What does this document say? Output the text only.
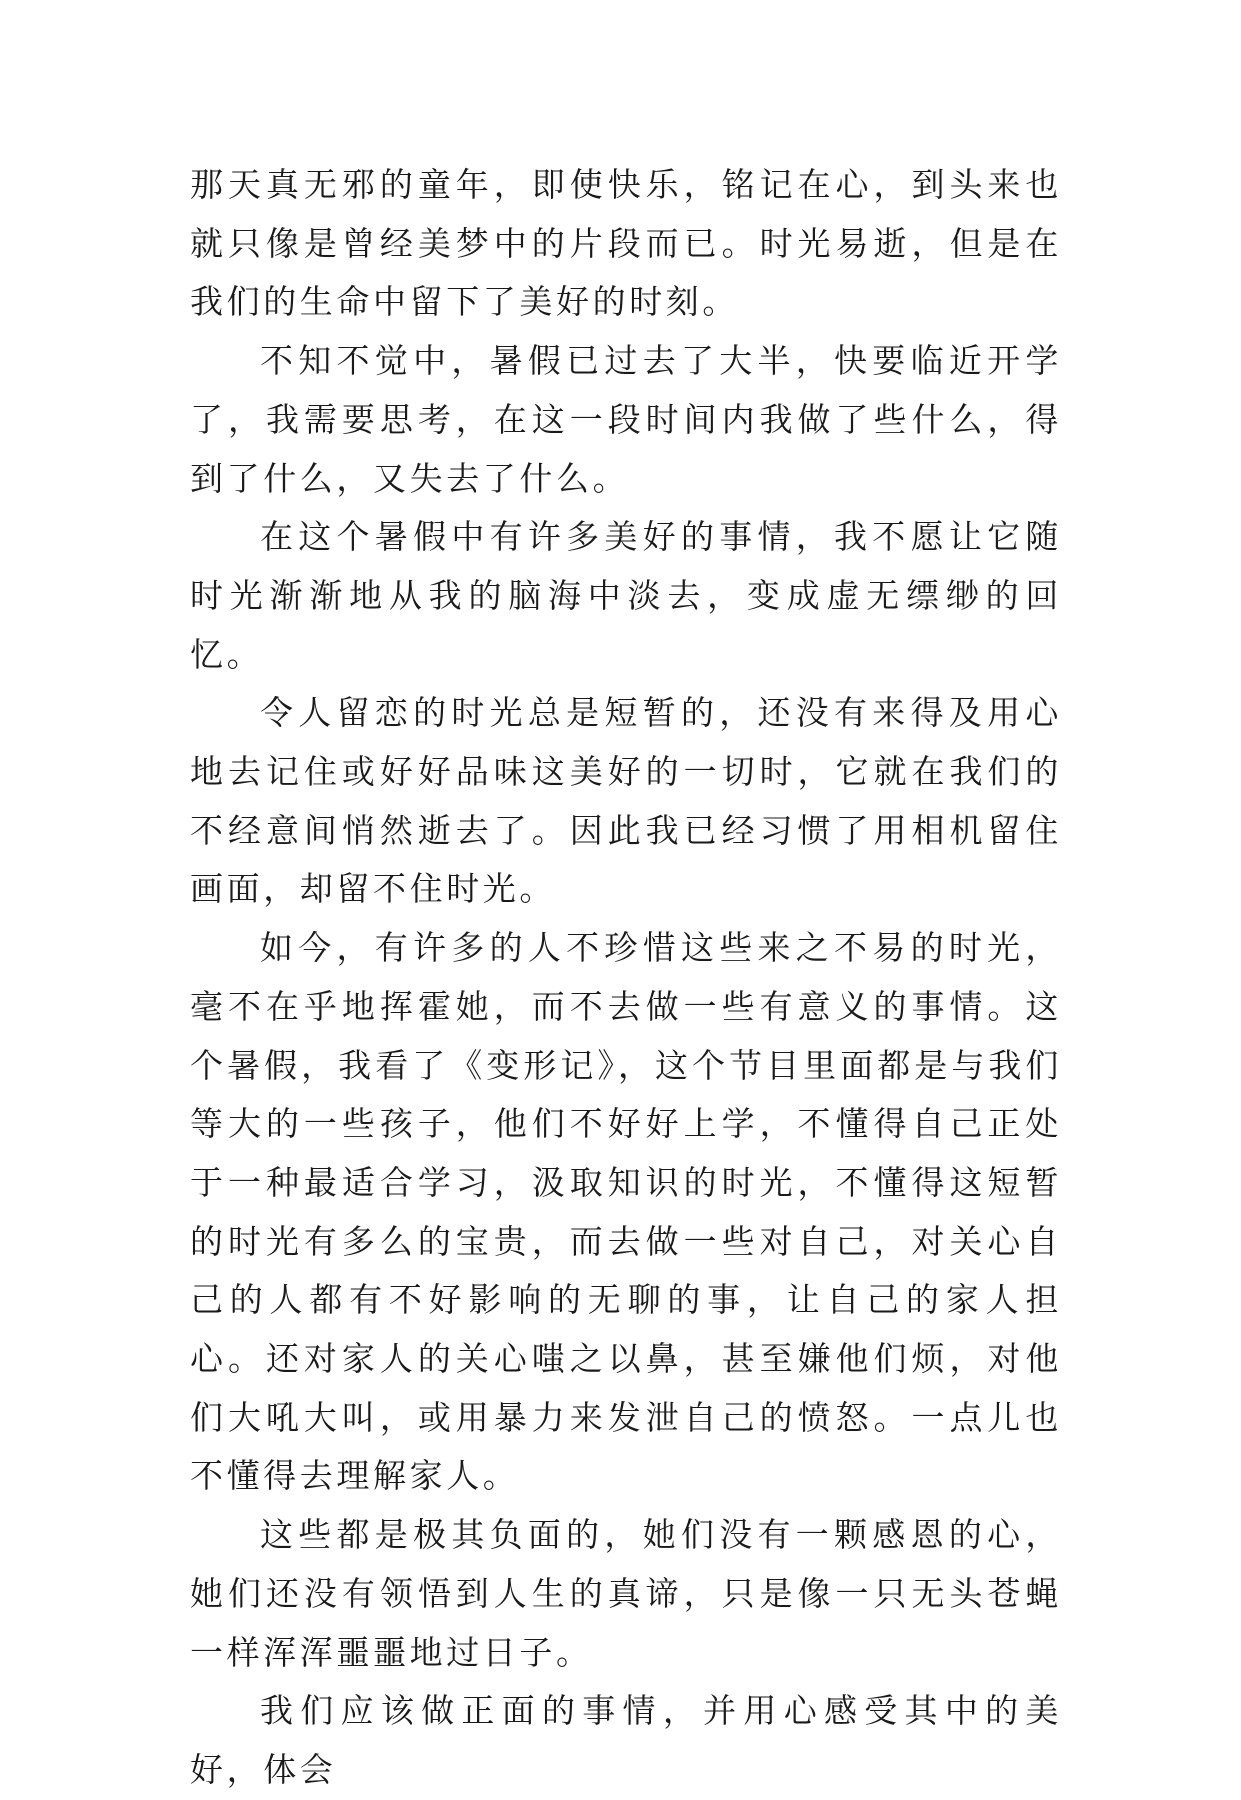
那天真无邪的童年，即使快乐，铭记在心，到头来也就只像是曾经美梦中的片段而已。时光易逝，但是在我们的生命中留下了美好的时刻。

不知不觉中，暑假已过去了大半，快要临近开学了，我需要思考，在这一段时间内我做了些什么，得到了什么，又失去了什么。

在这个暑假中有许多美好的事情，我不愿让它随时光渐渐地从我的脑海中淡去，变成虚无缥缈的回忆。

令人留恋的时光总是短暂的，还没有来得及用心地去记住或好好品味这美好的一切时，它就在我们的不经意间悄然逝去了。因此我已经习惯了用相机留住画面，却留不住时光。

如今，有许多的人不珍惜这些来之不易的时光，毫不在乎地挥霍她，而不去做一些有意义的事情。这个暑假，我看了《变形记》，这个节目里面都是与我们等大的一些孩子，他们不好好上学，不懂得自己正处于一种最适合学习，汲取知识的时光，不懂得这短暂的时光有多么的宝贵，而去做一些对自己，对关心自己的人都有不好影响的无聊的事，让自己的家人担心。还对家人的关心嗤之以鼻，甚至嫌他们烦，对他们大吼大叫，或用暴力来发泄自己的愤怒。一点儿也不懂得去理解家人。

这些都是极其负面的，她们没有一颗感恩的心，她们还没有领悟到人生的真谛，只是像一只无头苍蝇一样浑浑噩噩地过日子。

我们应该做正面的事情，并用心感受其中的美好，体会
